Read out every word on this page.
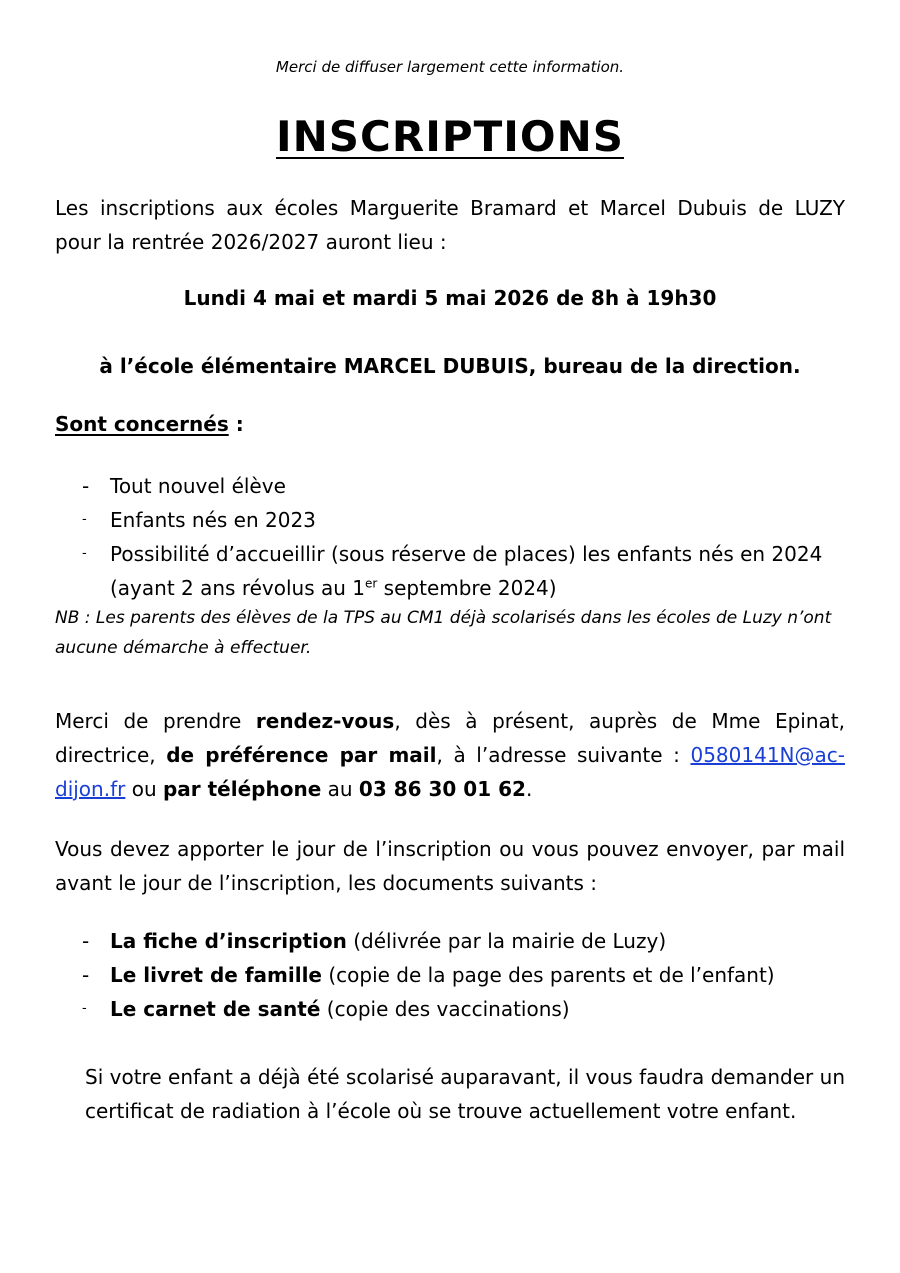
Merci de diffuser largement cette information.
INSCRIPTIONS
Les inscriptions aux écoles Marguerite Bramard et Marcel Dubuis de LUZY pour la rentrée 2026/2027 auront lieu :
Lundi 4 mai et mardi 5 mai 2026 de 8h à 19h30
à l’école élémentaire MARCEL DUBUIS, bureau de la direction.
Sont concernés :
-	Tout nouvel élève
-	Enfants nés en 2023
-	Possibilité d’accueillir (sous réserve de places) les enfants nés en 2024 (ayant 2 ans révolus au 1er septembre 2024)
NB : Les parents des élèves de la TPS au CM1 déjà scolarisés dans les écoles de Luzy n’ont aucune démarche à effectuer.
Merci de prendre rendez-vous, dès à présent, auprès de Mme Epinat, directrice, de préférence par mail, à l’adresse suivante : 0580141N@ac-dijon.fr ou par téléphone au 03 86 30 01 62.
Vous devez apporter le jour de l’inscription ou vous pouvez envoyer, par mail avant le jour de l’inscription, les documents suivants :
-	La fiche d’inscription (délivrée par la mairie de Luzy)
-	Le livret de famille (copie de la page des parents et de l’enfant)
-	Le carnet de santé (copie des vaccinations)
Si votre enfant a déjà été scolarisé auparavant, il vous faudra demander un certificat de radiation à l’école où se trouve actuellement votre enfant.
